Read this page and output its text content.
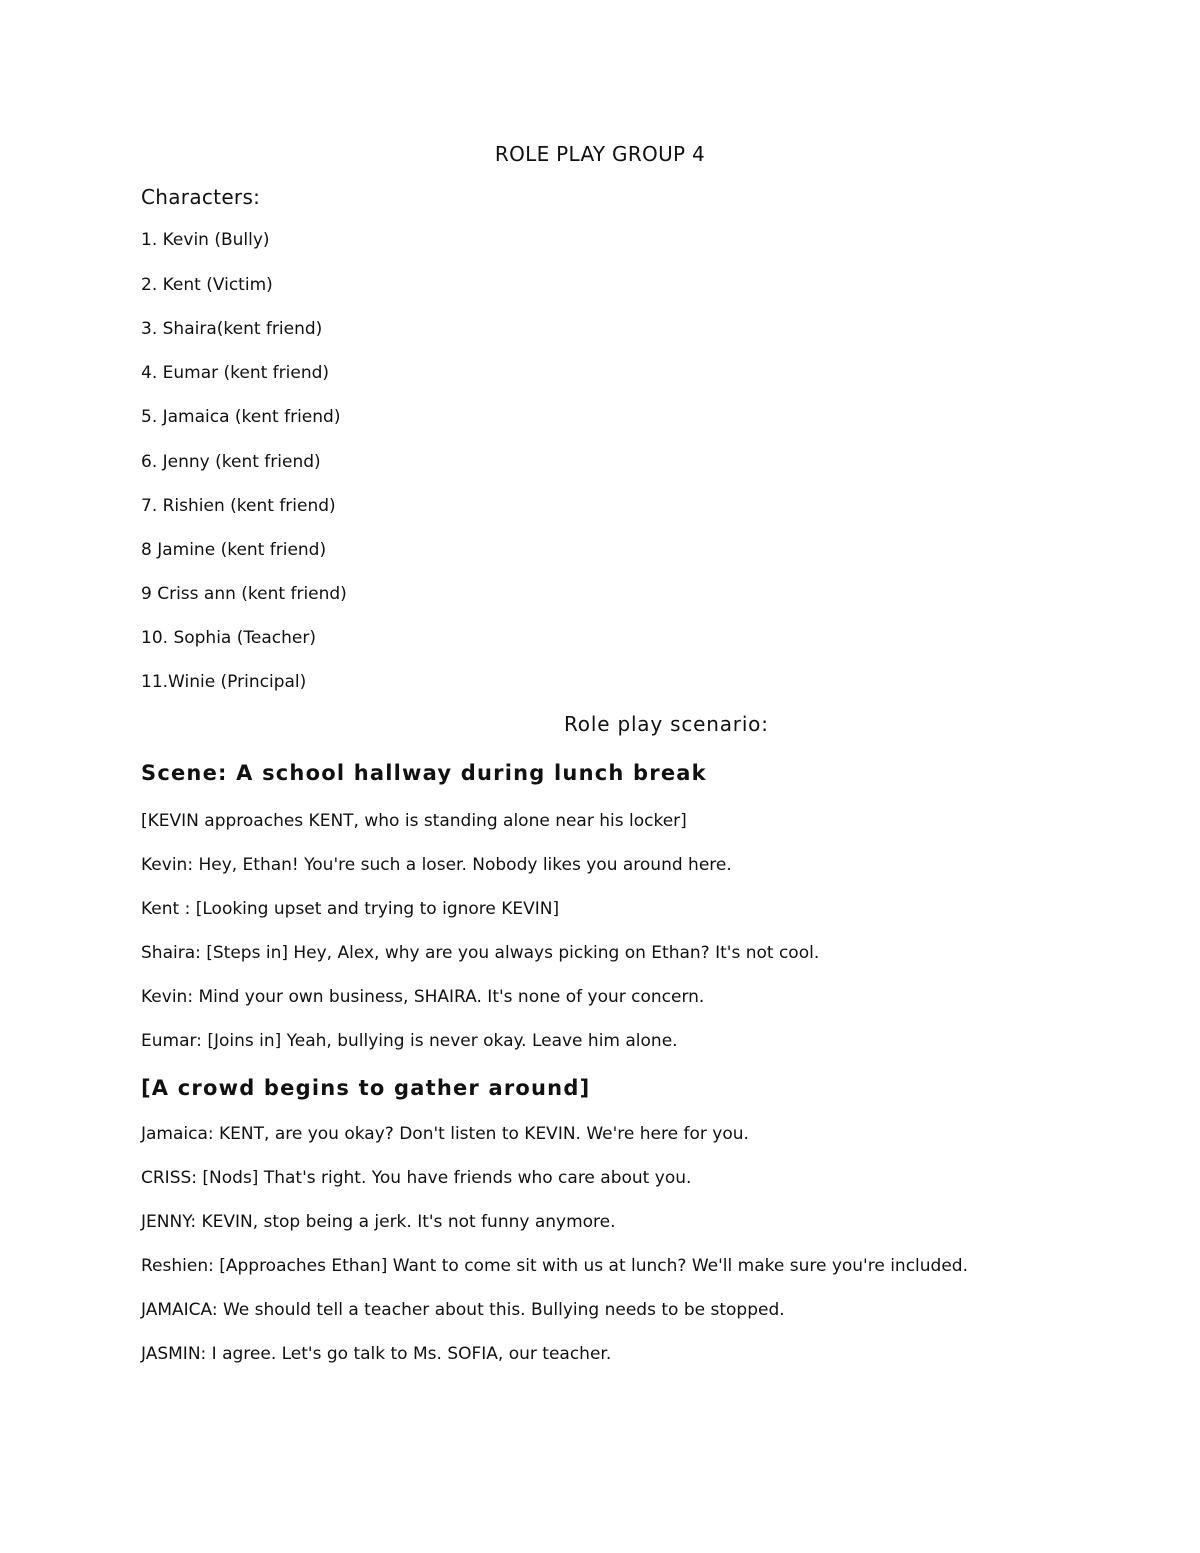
ROLE PLAY GROUP 4
Characters:
1. Kevin (Bully)
2. Kent (Victim)
3. Shaira(kent friend)
4. Eumar (kent friend)
5. Jamaica (kent friend)
6. Jenny (kent friend)
7. Rishien (kent friend)
8 Jamine (kent friend)
9 Criss ann (kent friend)
10. Sophia (Teacher)
11.Winie (Principal)
Role play scenario:
Scene: A school hallway during lunch break
[KEVIN approaches KENT, who is standing alone near his locker]
Kevin: Hey, Ethan! You're such a loser. Nobody likes you around here.
Kent : [Looking upset and trying to ignore KEVIN]
Shaira: [Steps in] Hey, Alex, why are you always picking on Ethan? It's not cool.
Kevin: Mind your own business, SHAIRA. It's none of your concern.
Eumar: [Joins in] Yeah, bullying is never okay. Leave him alone.
[A crowd begins to gather around]
Jamaica: KENT, are you okay? Don't listen to KEVIN. We're here for you.
CRISS: [Nods] That's right. You have friends who care about you.
JENNY: KEVIN, stop being a jerk. It's not funny anymore.
Reshien: [Approaches Ethan] Want to come sit with us at lunch? We'll make sure you're included.
JAMAICA: We should tell a teacher about this. Bullying needs to be stopped.
JASMIN: I agree. Let's go talk to Ms. SOFIA, our teacher.
